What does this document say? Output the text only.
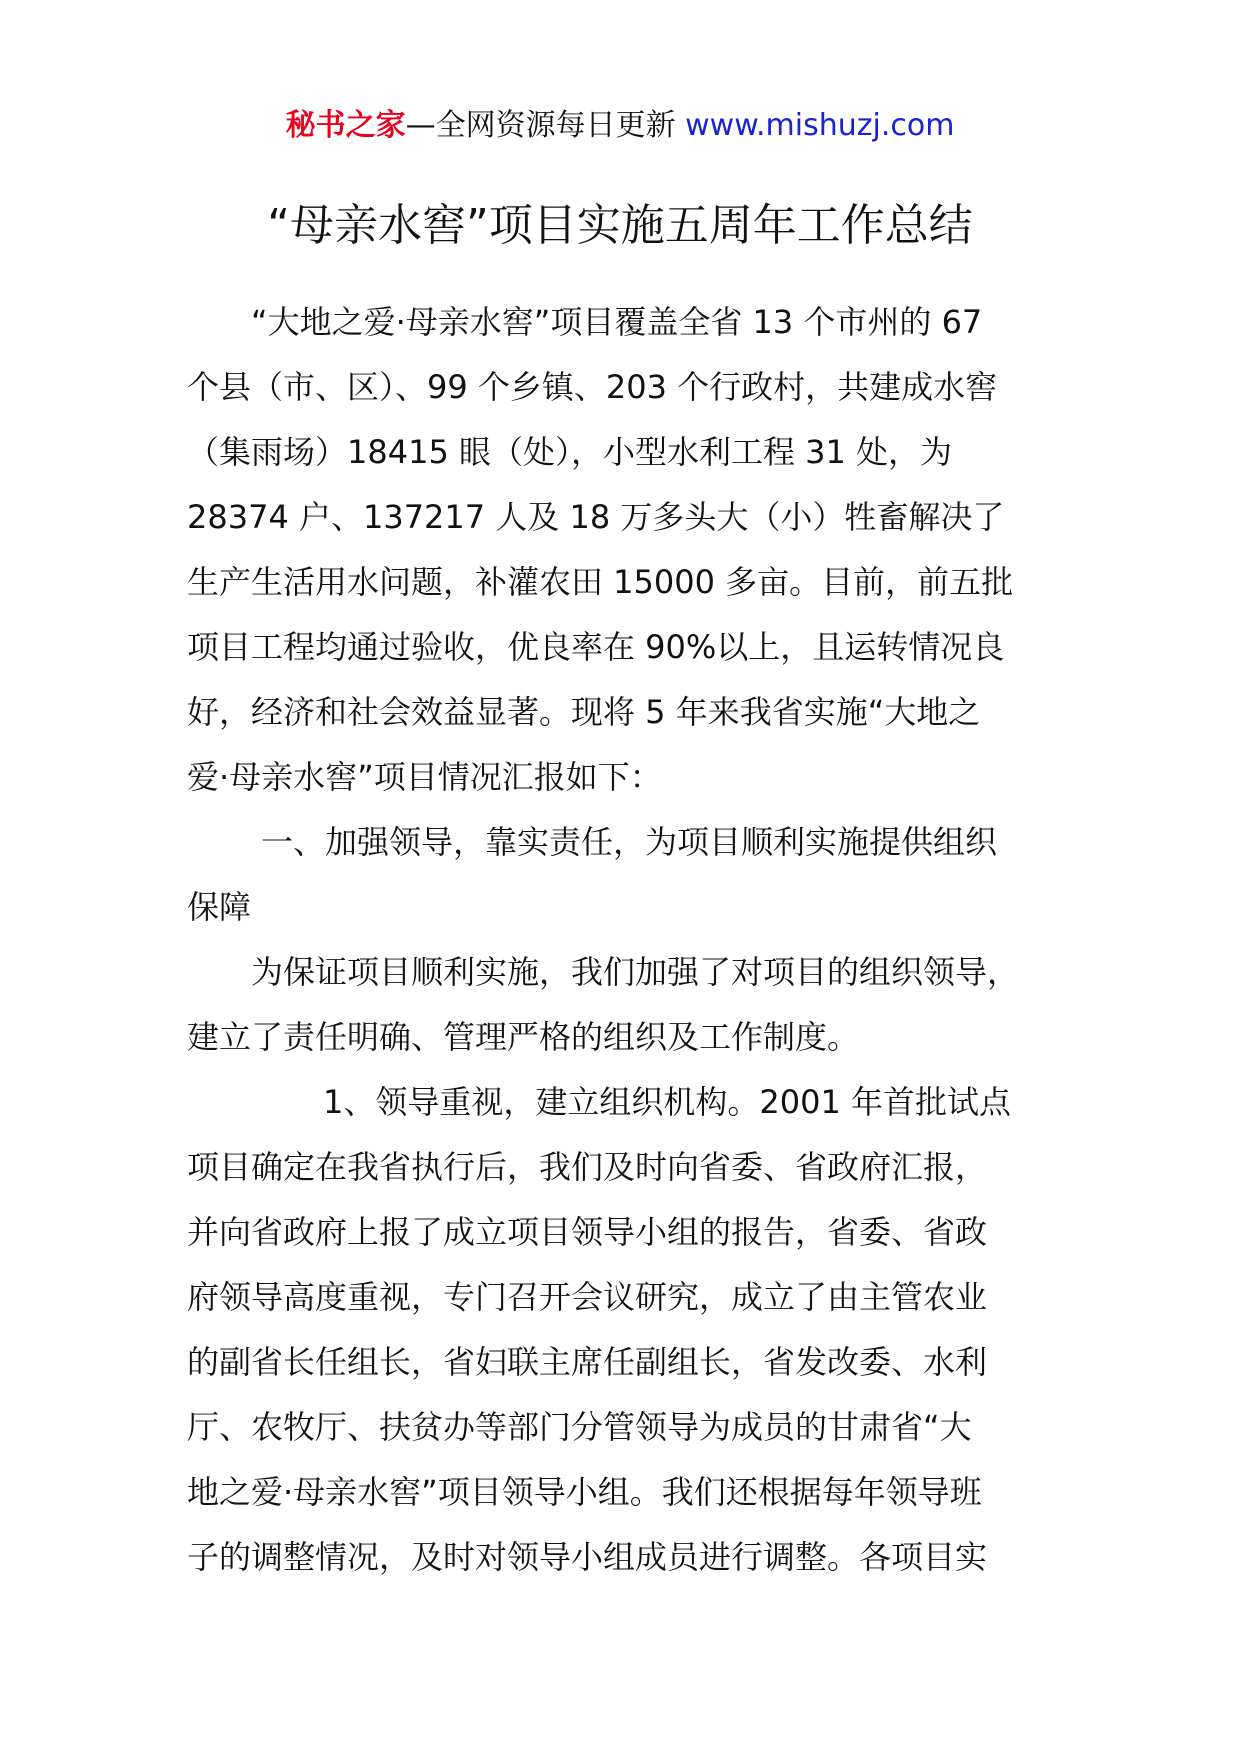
秘书之家—全网资源每日更新 www.mishuzj.com
“母亲水窖”项目实施五周年工作总结
“大地之爱·母亲水窖”项目覆盖全省 13 个市州的 67
个县（市、区）、99 个乡镇、203 个行政村，共建成水窖
（集雨场）18415 眼（处），小型水利工程 31 处，为
28374 户、137217 人及 18 万多头大（小）牲畜解决了
生产生活用水问题，补灌农田 15000 多亩。目前，前五批
项目工程均通过验收，优良率在 90%以上，且运转情况良
好，经济和社会效益显著。现将 5 年来我省实施“大地之
爱·母亲水窖”项目情况汇报如下：
一、加强领导，靠实责任，为项目顺利实施提供组织
保障
为保证项目顺利实施，我们加强了对项目的组织领导，
建立了责任明确、管理严格的组织及工作制度。
1、领导重视，建立组织机构。2001 年首批试点
项目确定在我省执行后，我们及时向省委、省政府汇报，
并向省政府上报了成立项目领导小组的报告，省委、省政
府领导高度重视，专门召开会议研究，成立了由主管农业
的副省长任组长，省妇联主席任副组长，省发改委、水利
厅、农牧厅、扶贫办等部门分管领导为成员的甘肃省“大
地之爱·母亲水窖”项目领导小组。我们还根据每年领导班
子的调整情况，及时对领导小组成员进行调整。各项目实
